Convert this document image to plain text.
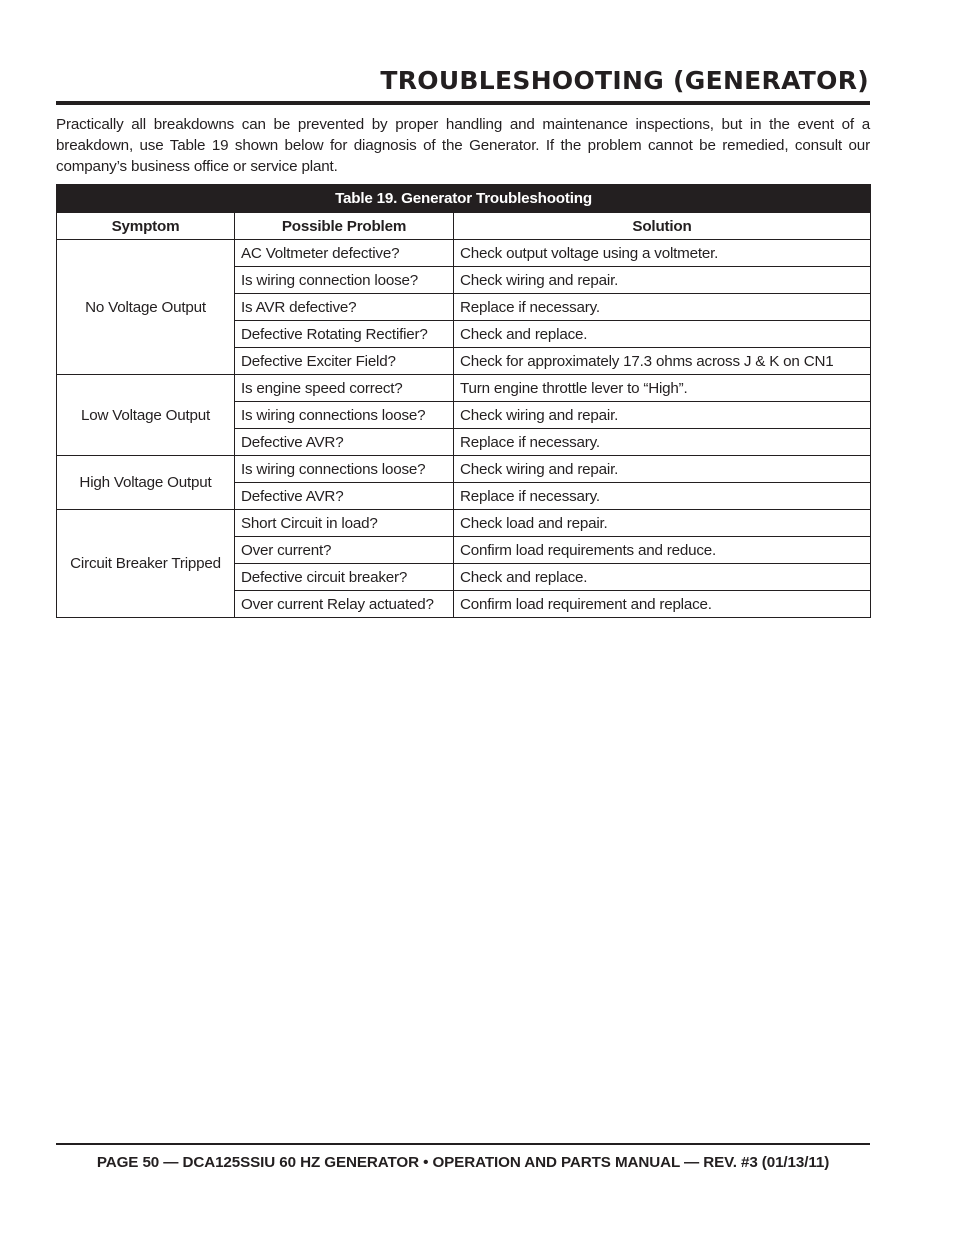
TROUBLESHOOTING (GENERATOR)

Practically all breakdowns can be prevented by proper handling and maintenance inspections, but in the event of a breakdown, use Table 19 shown below for diagnosis of the Generator. If the problem cannot be remedied, consult our company’s business office or service plant.

Table 19. Generator Troubleshooting		
Symptom	Possible Problem	Solution
No Voltage Output	AC Voltmeter defective?	Check output voltage using a voltmeter.
	Is wiring connection loose?	Check wiring and repair.
	Is AVR defective?	Replace if necessary.
	Defective Rotating Rectifier?	Check and replace.
	Defective Exciter Field?	Check for approximately 17.3 ohms across J & K on CN1
Low Voltage Output	Is engine speed correct?	Turn engine throttle lever to “High”.
	Is wiring connections loose?	Check wiring and repair.
	Defective AVR?	Replace if necessary.
High Voltage Output	Is wiring connections loose?	Check wiring and repair.
	Defective AVR?	Replace if necessary.
Circuit Breaker Tripped	Short Circuit in load?	Check load and repair.
	Over current?	Confirm load requirements and reduce.
	Defective circuit breaker?	Check and replace.
	Over current Relay actuated?	Confirm load requirement and replace.
PAGE 50 — DCA125SSIU 60 HZ GENERATOR • OPERATION AND PARTS MANUAL — REV. #3 (01/13/11)
